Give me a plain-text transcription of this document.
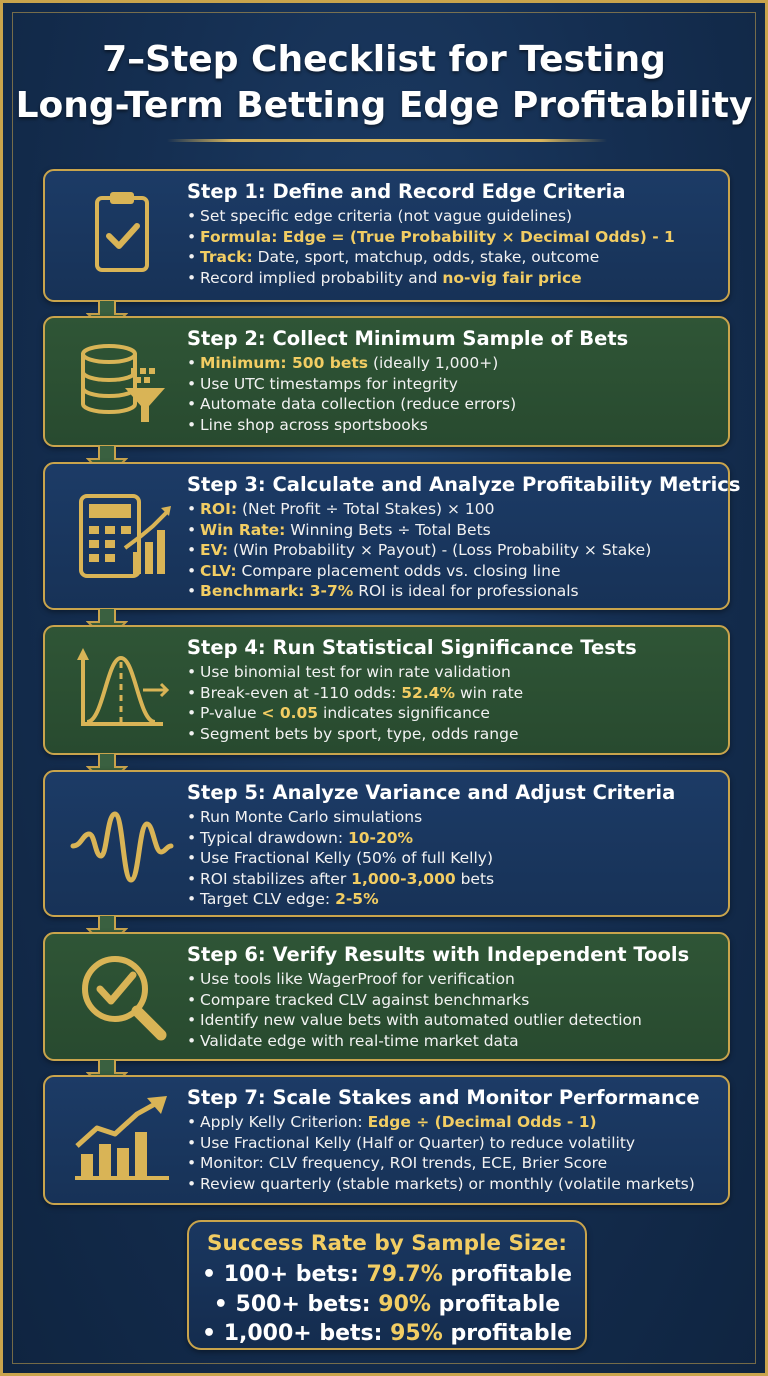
7–Step Checklist for Testing
Long-Term Betting Edge Profitability
Step 1: Define and Record Edge Criteria
• Set specific edge criteria (not vague guidelines)
• Formula: Edge = (True Probability × Decimal Odds) - 1
• Track: Date, sport, matchup, odds, stake, outcome
• Record implied probability and no-vig fair price
Step 2: Collect Minimum Sample of Bets
• Minimum: 500 bets (ideally 1,000+)
• Use UTC timestamps for integrity
• Automate data collection (reduce errors)
• Line shop across sportsbooks
Step 3: Calculate and Analyze Profitability Metrics
• ROI: (Net Profit ÷ Total Stakes) × 100
• Win Rate: Winning Bets ÷ Total Bets
• EV: (Win Probability × Payout) - (Loss Probability × Stake)
• CLV: Compare placement odds vs. closing line
• Benchmark: 3-7% ROI is ideal for professionals
Step 4: Run Statistical Significance Tests
• Use binomial test for win rate validation
• Break-even at -110 odds: 52.4% win rate
• P-value < 0.05 indicates significance
• Segment bets by sport, type, odds range
Step 5: Analyze Variance and Adjust Criteria
• Run Monte Carlo simulations
• Typical drawdown: 10-20%
• Use Fractional Kelly (50% of full Kelly)
• ROI stabilizes after 1,000-3,000 bets
• Target CLV edge: 2-5%
Step 6: Verify Results with Independent Tools
• Use tools like WagerProof for verification
• Compare tracked CLV against benchmarks
• Identify new value bets with automated outlier detection
• Validate edge with real-time market data
Step 7: Scale Stakes and Monitor Performance
• Apply Kelly Criterion: Edge ÷ (Decimal Odds - 1)
• Use Fractional Kelly (Half or Quarter) to reduce volatility
• Monitor: CLV frequency, ROI trends, ECE, Brier Score
• Review quarterly (stable markets) or monthly (volatile markets)
Success Rate by Sample Size:
• 100+ bets: 79.7% profitable
• 500+ bets: 90% profitable
• 1,000+ bets: 95% profitable
